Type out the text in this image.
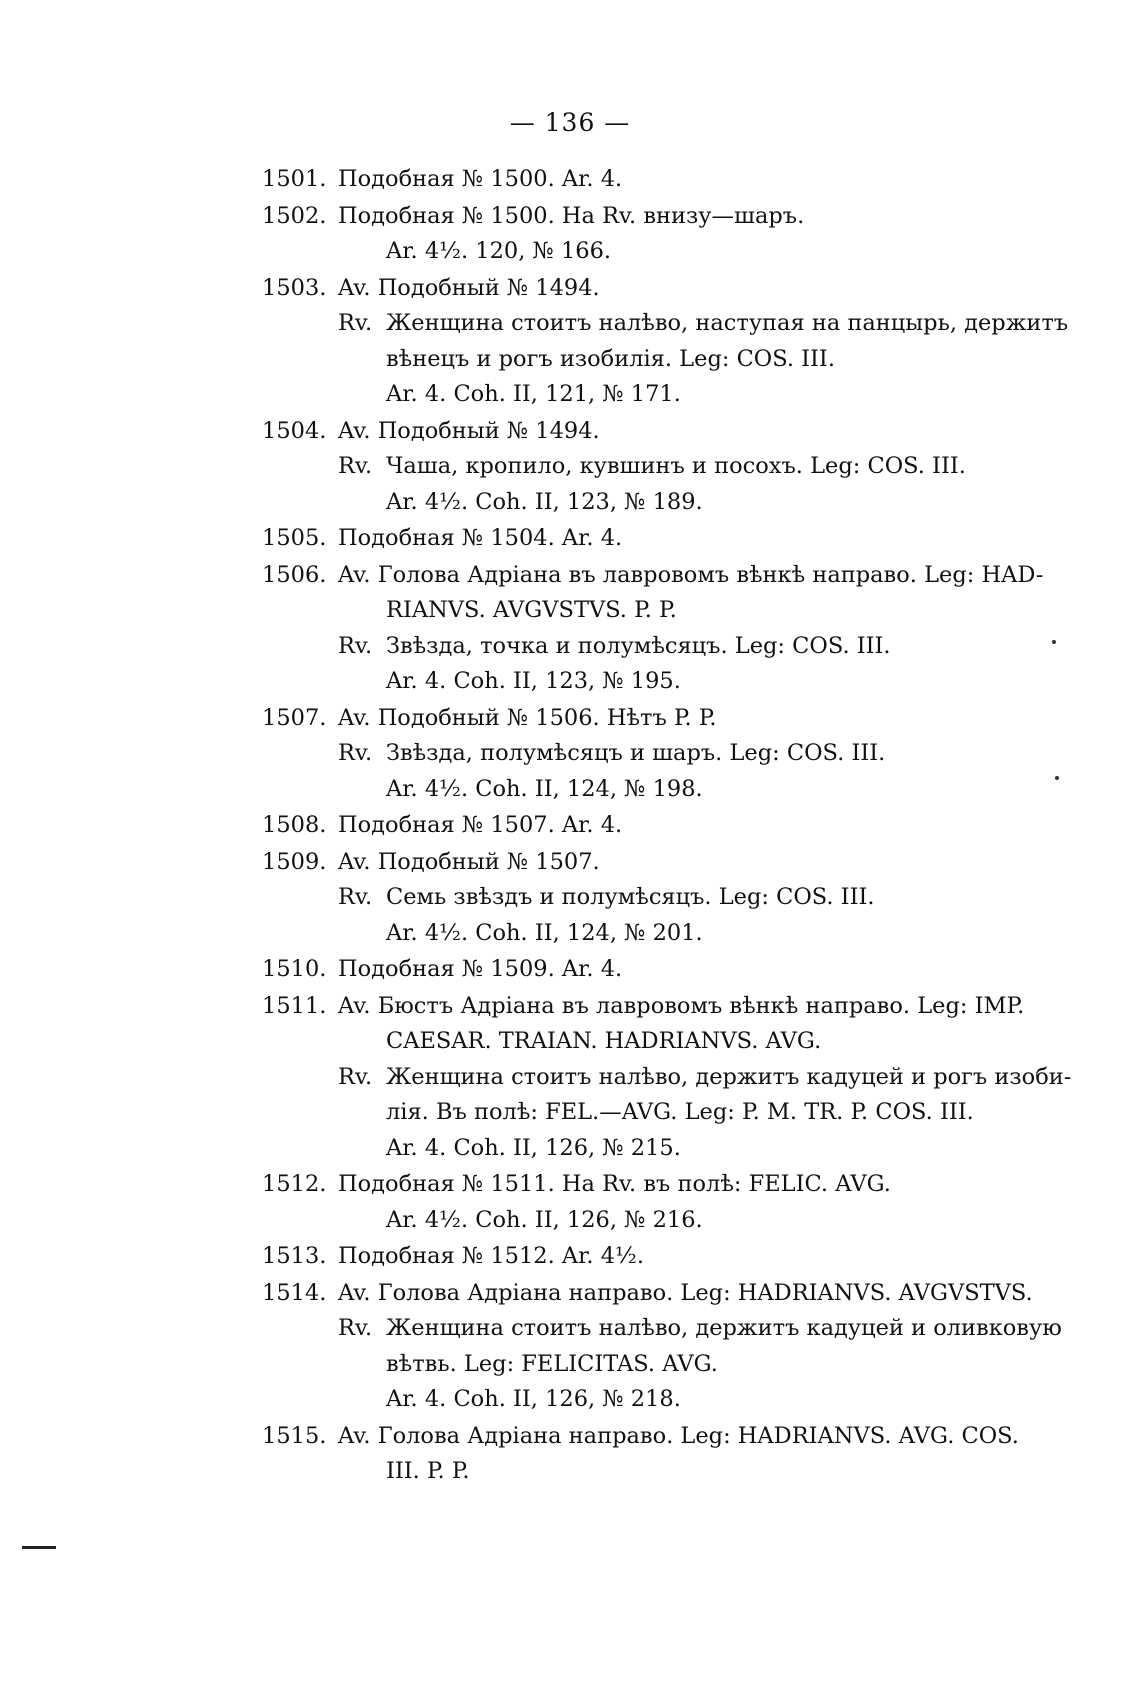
— 136 —
1501. Подобная № 1500. Ar. 4.
1502. Подобная № 1500. На Rv. внизу—шаръ.
Ar. 4½. 120, № 166.
1503. Av. Подобный № 1494.
Rv. Женщина стоитъ налѣво, наступая на панцырь, держитъ
вѣнецъ и рогъ изобилія. Leg: COS. III.
Ar. 4. Coh. II, 121, № 171.
1504. Av. Подобный № 1494.
Rv. Чаша, кропило, кувшинъ и посохъ. Leg: COS. III.
Ar. 4½. Coh. II, 123, № 189.
1505. Подобная № 1504. Ar. 4.
1506. Av. Голова Адріана въ лавровомъ вѣнкѣ направо. Leg: HAD-
RIANVS. AVGVSTVS. P. P.
Rv. Звѣзда, точка и полумѣсяцъ. Leg: COS. III.
Ar. 4. Coh. II, 123, № 195.
1507. Av. Подобный № 1506. Нѣтъ P. P.
Rv. Звѣзда, полумѣсяцъ и шаръ. Leg: COS. III.
Ar. 4½. Coh. II, 124, № 198.
1508. Подобная № 1507. Ar. 4.
1509. Av. Подобный № 1507.
Rv. Семь звѣздъ и полумѣсяцъ. Leg: COS. III.
Ar. 4½. Coh. II, 124, № 201.
1510. Подобная № 1509. Ar. 4.
1511. Av. Бюстъ Адріана въ лавровомъ вѣнкѣ направо. Leg: IMP.
CAESAR. TRAIAN. HADRIANVS. AVG.
Rv. Женщина стоитъ налѣво, держитъ кадуцей и рогъ изоби-
лія. Въ полѣ: FEL.—AVG. Leg: P. M. TR. P. COS. III.
Ar. 4. Coh. II, 126, № 215.
1512. Подобная № 1511. На Rv. въ полѣ: FELIC. AVG.
Ar. 4½. Coh. II, 126, № 216.
1513. Подобная № 1512. Ar. 4½.
1514. Av. Голова Адріана направо. Leg: HADRIANVS. AVGVSTVS.
Rv. Женщина стоитъ налѣво, держитъ кадуцей и оливковую
вѣтвь. Leg: FELICITAS. AVG.
Ar. 4. Coh. II, 126, № 218.
1515. Av. Голова Адріана направо. Leg: HADRIANVS. AVG. COS.
III. P. P.
